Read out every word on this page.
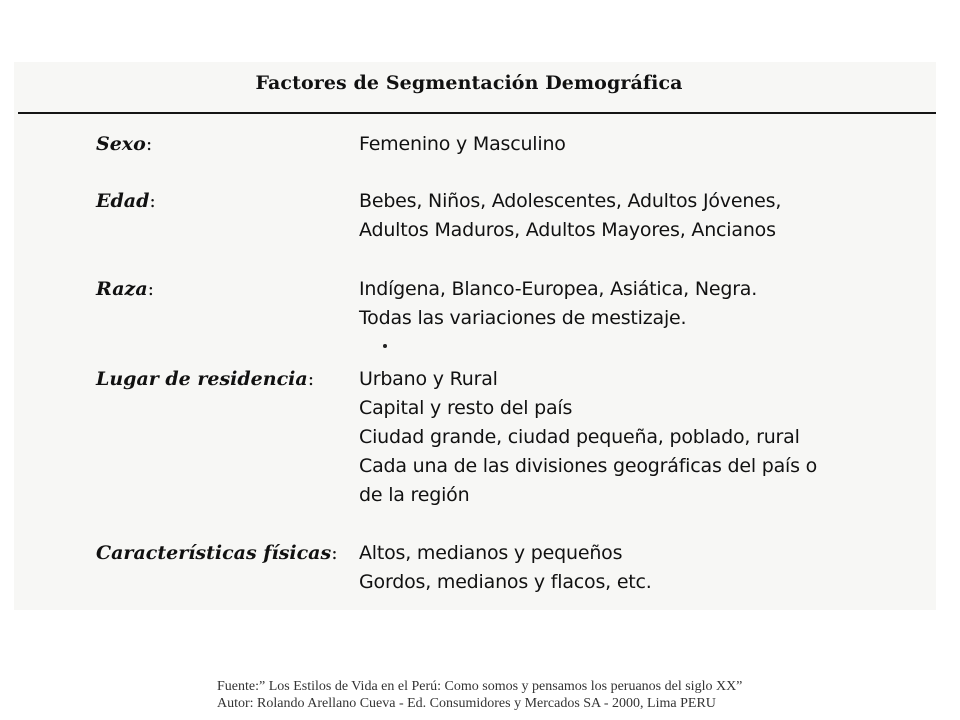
Factores de Segmentación Demográfica
Sexo:	Femenino y Masculino
Edad:	Bebes, Niños, Adolescentes, Adultos Jóvenes,
Adultos Maduros, Adultos Mayores, Ancianos
Raza:	Indígena, Blanco-Europea, Asiática, Negra.
Todas las variaciones de mestizaje.
Lugar de residencia: Urbano y Rural
Capital y resto del país
Ciudad grande, ciudad pequeña, poblado, rural
Cada una de las divisiones geográficas del país o
de la región
Características físicas: Altos, medianos y pequeños
Gordos, medianos y flacos, etc.
Fuente:” Los Estilos de Vida en el Perú: Como somos y pensamos los peruanos del siglo XX”
Autor: Rolando Arellano Cueva - Ed. Consumidores y Mercados SA - 2000, Lima PERU
